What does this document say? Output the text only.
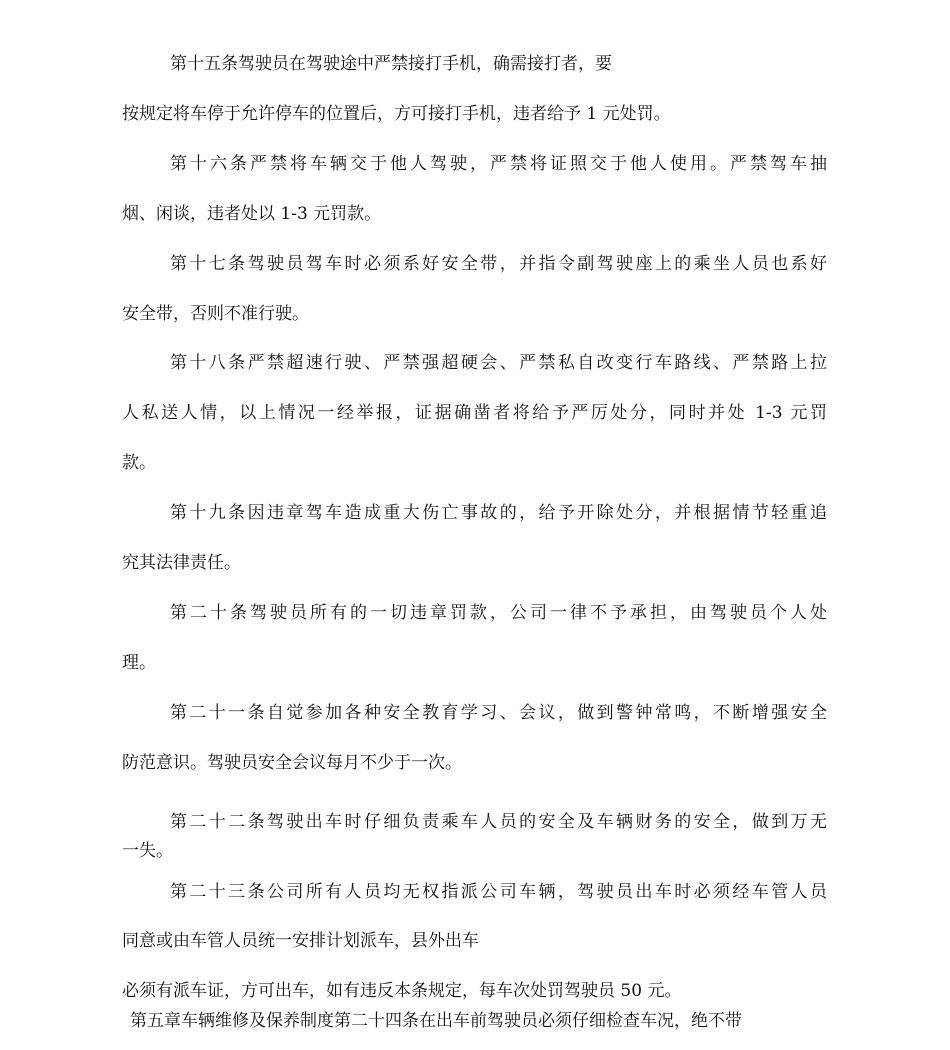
第十五条驾驶员在驾驶途中严禁接打手机，确需接打者，要
按规定将车停于允许停车的位置后，方可接打手机，违者给予 1 元处罚。
第十六条严禁将车辆交于他人驾驶，严禁将证照交于他人使用。严禁驾车抽
烟、闲谈，违者处以 1-3 元罚款。
第十七条驾驶员驾车时必须系好安全带，并指令副驾驶座上的乘坐人员也系好
安全带，否则不准行驶。
第十八条严禁超速行驶、严禁强超硬会、严禁私自改变行车路线、严禁路上拉
人私送人情，以上情况一经举报，证据确凿者将给予严厉处分，同时并处 1-3 元罚
款。
第十九条因违章驾车造成重大伤亡事故的，给予开除处分，并根据情节轻重追
究其法律责任。
第二十条驾驶员所有的一切违章罚款，公司一律不予承担，由驾驶员个人处
理。
第二十一条自觉参加各种安全教育学习、会议，做到警钟常鸣，不断增强安全
防范意识。驾驶员安全会议每月不少于一次。
第二十二条驾驶出车时仔细负责乘车人员的安全及车辆财务的安全，做到万无
一失。
第二十三条公司所有人员均无权指派公司车辆，驾驶员出车时必须经车管人员
同意或由车管人员统一安排计划派车，县外出车
必须有派车证，方可出车，如有违反本条规定，每车次处罚驾驶员 50 元。
第五章车辆维修及保养制度第二十四条在出车前驾驶员必须仔细检查车况，绝不带
